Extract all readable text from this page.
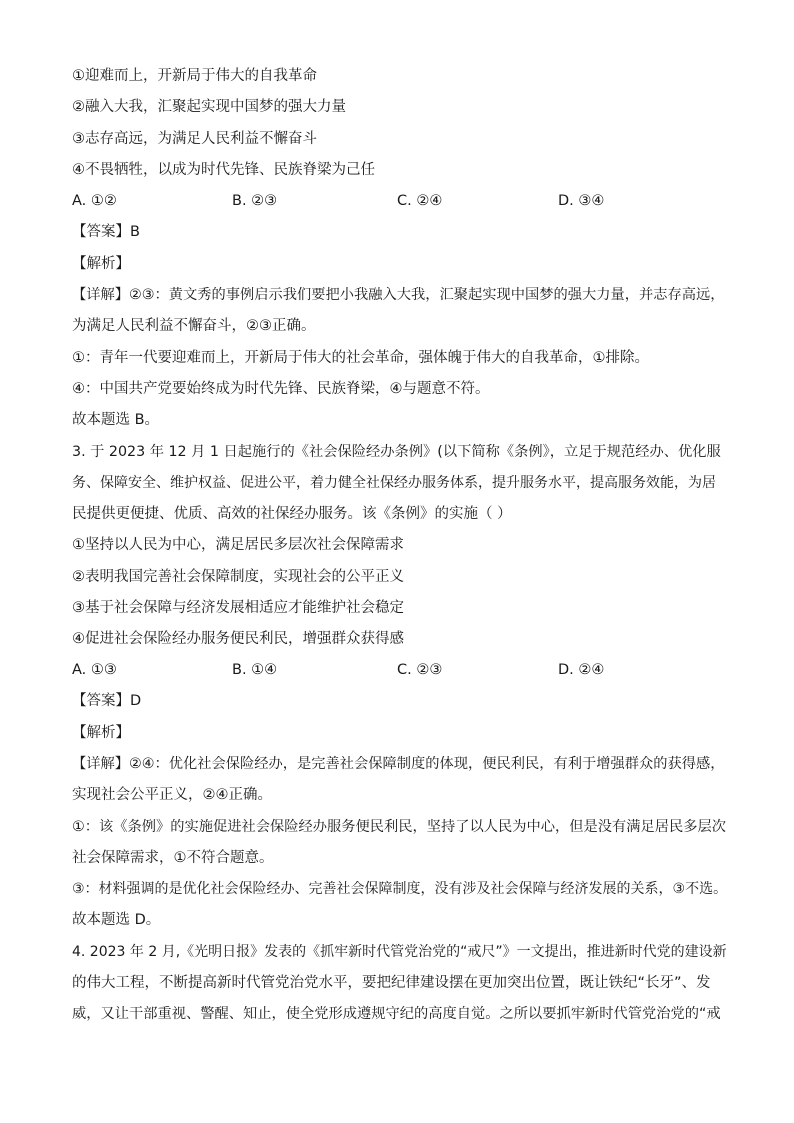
①迎难而上，开新局于伟大的自我革命
②融入大我，汇聚起实现中国梦的强大力量
③志存高远，为满足人民利益不懈奋斗
④不畏牺牲，以成为时代先锋、民族脊梁为己任
A. ①②	B. ②③	C. ②④	D. ③④
【答案】B
【解析】
【详解】②③：黄文秀的事例启示我们要把小我融入大我，汇聚起实现中国梦的强大力量，并志存高远，
为满足人民利益不懈奋斗，②③正确。
①：青年一代要迎难而上，开新局于伟大的社会革命，强体魄于伟大的自我革命，①排除。
④：中国共产党要始终成为时代先锋、民族脊梁，④与题意不符。
故本题选 B。
3. 于 2023 年 12 月 1 日起施行的《社会保险经办条例》(以下简称《条例》，立足于规范经办、优化服
务、保障安全、维护权益、促进公平，着力健全社保经办服务体系，提升服务水平，提高服务效能，为居
民提供更便捷、优质、高效的社保经办服务。该《条例》的实施（ ）
①坚持以人民为中心，满足居民多层次社会保障需求
②表明我国完善社会保障制度，实现社会的公平正义
③基于社会保障与经济发展相适应才能维护社会稳定
④促进社会保险经办服务便民利民，增强群众获得感
A. ①③	B. ①④	C. ②③	D. ②④
【答案】D
【解析】
【详解】②④：优化社会保险经办，是完善社会保障制度的体现，便民利民，有利于增强群众的获得感，
实现社会公平正义，②④正确。
①：该《条例》的实施促进社会保险经办服务便民利民，坚持了以人民为中心，但是没有满足居民多层次
社会保障需求，①不符合题意。
③：材料强调的是优化社会保险经办、完善社会保障制度，没有涉及社会保障与经济发展的关系，③不选。
故本题选 D。
4. 2023 年 2 月,《光明日报》发表的《抓牢新时代管党治党的“戒尺”》一文提出，推进新时代党的建设新
的伟大工程，不断提高新时代管党治党水平，要把纪律建设摆在更加突出位置，既让铁纪“长牙”、发
威，又让干部重视、警醒、知止，使全党形成遵规守纪的高度自觉。之所以要抓牢新时代管党治党的“戒
